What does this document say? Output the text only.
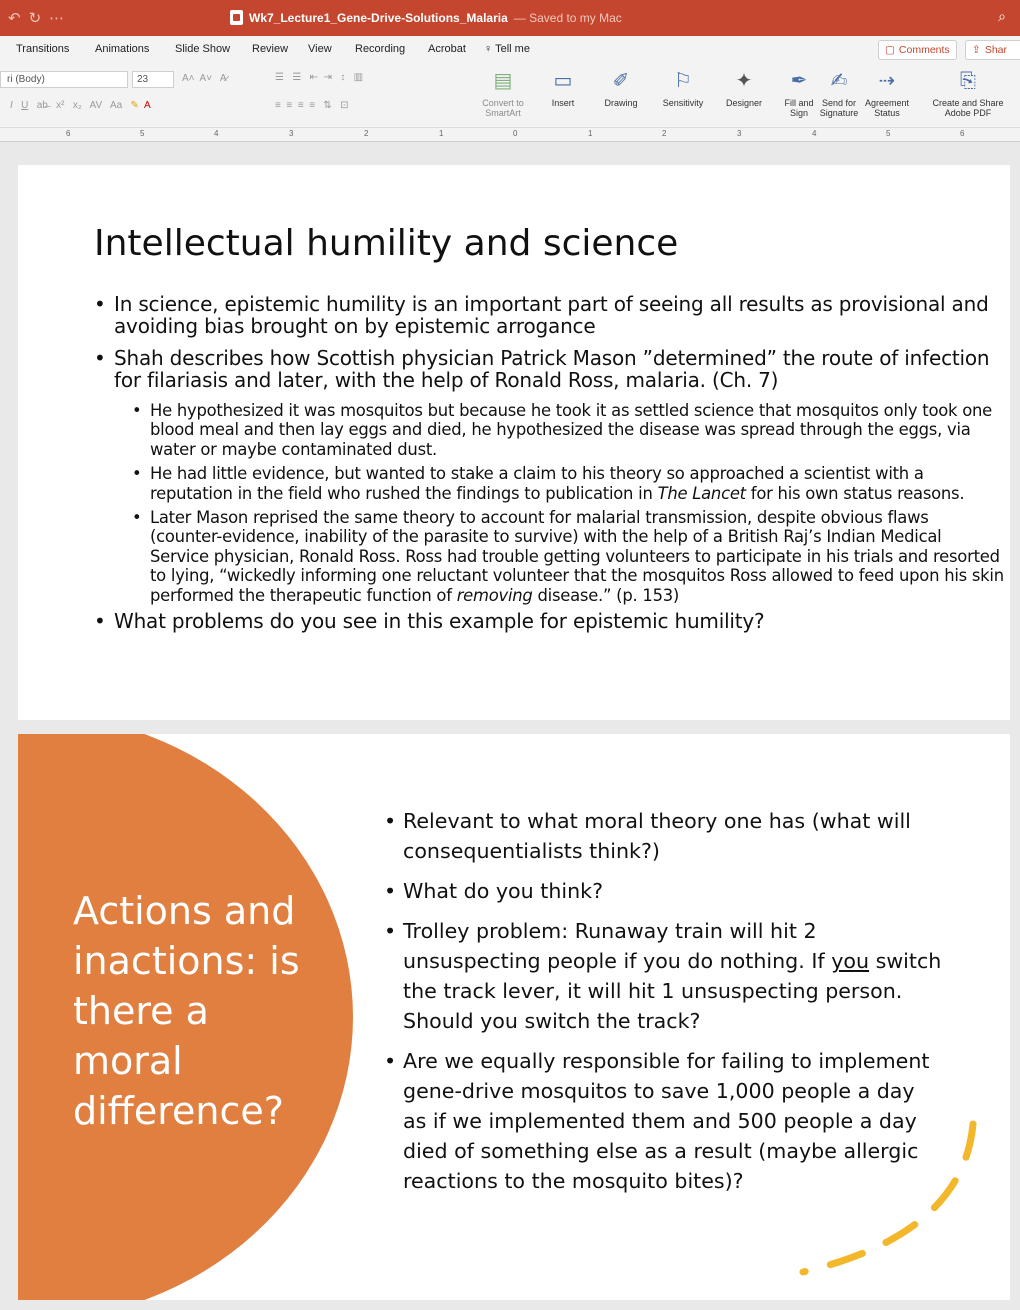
↶ ↻ ⋯	Wk7_Lecture1_Gene-Drive-Solutions_Malaria — Saved to my Mac	⌕
Transitions Animations Slide Show Review View Recording Acrobat ♀ Tell me	▢ Comments ⇪ Shar
ri (Body)	23	A˄ A˅ A̷
I U ab̶ x² x₂ AV Aa ✎ A
☰ ☰ ⇤ ⇥ ↕ ▥
≡ ≡ ≡ ≡ ⇅ ⊡
▤
Convert to
SmartArt
▭
Insert
✐
Drawing
⚐
Sensitivity
✦
Designer
✒
Fill and
Sign
✍
Send for
Signature
⇢
Agreement
Status
⎘
Create and Share
Adobe PDF
6	5	4	3	2	1	0	1	2	3	4	5	6
Intellectual humility and science
• In science, epistemic humility is an important part of seeing all results as provisional and avoiding bias brought on by epistemic arrogance
• Shah describes how Scottish physician Patrick Mason ”determined” the route of infection for filariasis and later, with the help of Ronald Ross, malaria. (Ch. 7)
• He hypothesized it was mosquitos but because he took it as settled science that mosquitos only took one blood meal and then lay eggs and died, he hypothesized the disease was spread through the eggs, via water or maybe contaminated dust.
• He had little evidence, but wanted to stake a claim to his theory so approached a scientist with a reputation in the field who rushed the findings to publication in The Lancet for his own status reasons.
• Later Mason reprised the same theory to account for malarial transmission, despite obvious flaws (counter-evidence, inability of the parasite to survive) with the help of a British Raj’s Indian Medical Service physician, Ronald Ross. Ross had trouble getting volunteers to participate in his trials and resorted to lying, “wickedly informing one reluctant volunteer that the mosquitos Ross allowed to feed upon his skin performed the therapeutic function of removing disease.” (p. 153)
• What problems do you see in this example for epistemic humility?
Actions and inactions: is there a moral difference?
• Relevant to what moral theory one has (what will consequentialists think?)
• What do you think?
• Trolley problem: Runaway train will hit 2 unsuspecting people if you do nothing. If you switch the track lever, it will hit 1 unsuspecting person. Should you switch the track?
• Are we equally responsible for failing to implement gene-drive mosquitos to save 1,000 people a day as if we implemented them and 500 people a day died of something else as a result (maybe allergic reactions to the mosquito bites)?
